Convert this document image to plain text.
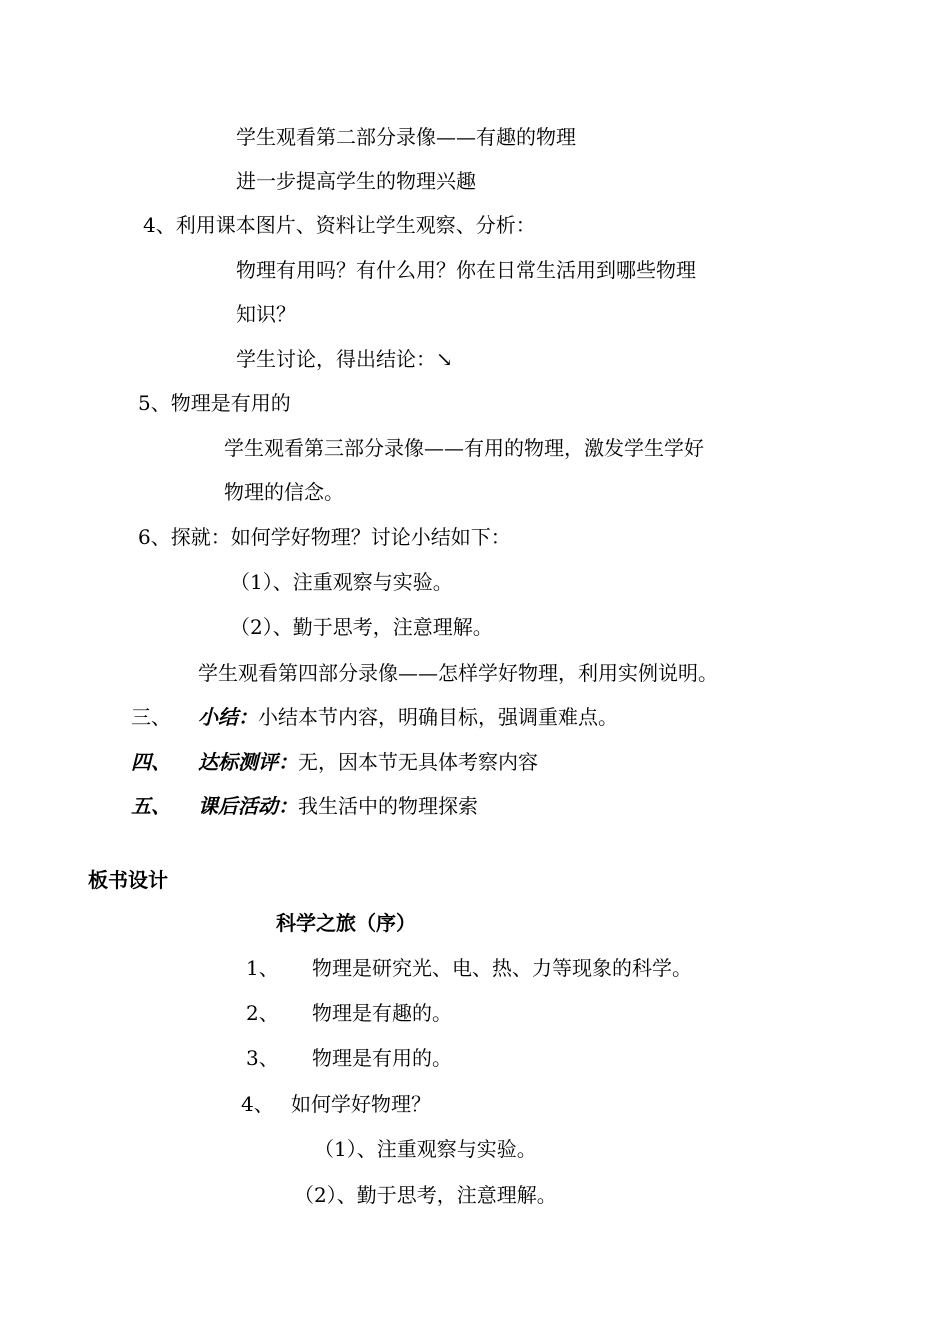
学生观看第二部分录像——有趣的物理
进一步提高学生的物理兴趣
4、利用课本图片、资料让学生观察、分析：
物理有用吗？有什么用？你在日常生活用到哪些物理
知识？
学生讨论，得出结论：↘
5、物理是有用的
学生观看第三部分录像——有用的物理，激发学生学好
物理的信念。
6、探就：如何学好物理？讨论小结如下：
（1）、注重观察与实验。
（2）、勤于思考，注意理解。
学生观看第四部分录像——怎样学好物理，利用实例说明。
三、 小结：小结本节内容，明确目标，强调重难点。
四、 达标测评：无，因本节无具体考察内容
五、 课后活动：我生活中的物理探索
板书设计
科学之旅（序）
1、 物理是研究光、电、热、力等现象的科学。
2、 物理是有趣的。
3、 物理是有用的。
4、 如何学好物理？
（1）、注重观察与实验。
（2）、勤于思考，注意理解。
